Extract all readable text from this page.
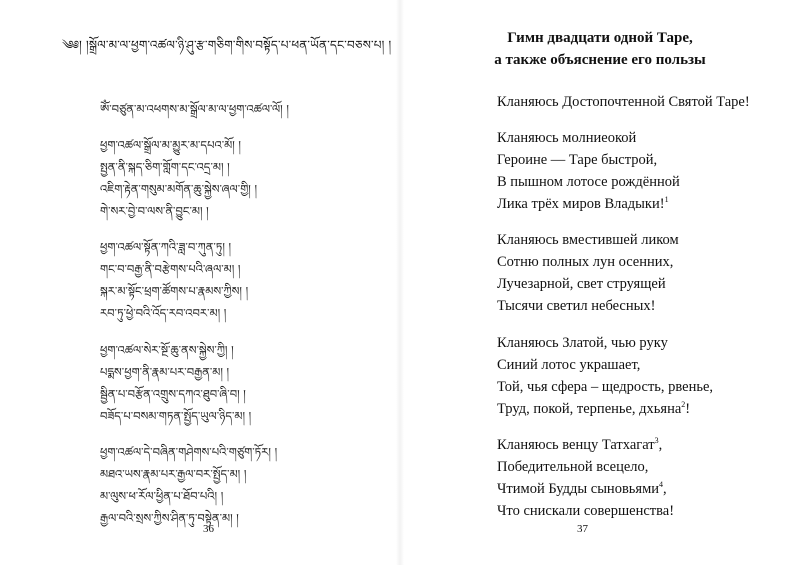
༄༅། །སྒྲོལ་མ་ལ་ཕྱག་འཚལ་ཉི་ཤུ་རྩ་གཅིག་གིས་བསྟོད་པ་ཕན་ཡོན་དང་བཅས་པ། །
ཨོཾ་བཙུན་མ་འཕགས་མ་སྒྲོལ་མ་ལ་ཕྱག་འཚལ་ལོ། །
ཕྱག་འཚལ་སྒྲོལ་མ་མྱུར་མ་དཔའ་མོ། །
སྤྱན་ནི་སྐད་ཅིག་གློག་དང་འདྲ་མ། །
འཇིག་རྟེན་གསུམ་མགོན་ཆུ་སྐྱེས་ཞལ་གྱི། །
གེ་སར་བྱེ་བ་ལས་ནི་བྱུང་མ། །
ཕྱག་འཚལ་སྟོན་ཀའི་ཟླ་བ་ཀུན་ཏུ། །
གང་བ་བརྒྱ་ནི་བརྩེགས་པའི་ཞལ་མ། །
སྐར་མ་སྟོང་ཕྲག་ཚོགས་པ་རྣམས་ཀྱིས། །
རབ་ཏུ་ཕྱེ་བའི་འོད་རབ་འབར་མ། །
ཕྱག་འཚལ་སེར་སྔོ་ཆུ་ནས་སྐྱེས་ཀྱི། །
པདྨས་ཕྱག་ནི་རྣམ་པར་བརྒྱན་མ། །
སྦྱིན་པ་བརྩོན་འགྲུས་དཀའ་ཐུབ་ཞི་བ། །
བཟོད་པ་བསམ་གཏན་སྤྱོད་ཡུལ་ཉིད་མ། །
ཕྱག་འཚལ་དེ་བཞིན་གཤེགས་པའི་གཙུག་ཏོར། །
མཐའ་ཡས་རྣམ་པར་རྒྱལ་བར་སྤྱོད་མ། །
མ་ལུས་ཕ་རོལ་ཕྱིན་པ་ཐོབ་པའི། །
རྒྱལ་བའི་སྲས་ཀྱིས་ཤིན་ཏུ་བསྟེན་མ། །
36
Гимн двадцати одной Таре,
а также объяснение его пользы
Кланяюсь Достопочтенной Святой Таре!
Кланяюсь молниеокой
Героине — Таре быстрой,
В пышном лотосе рождённой
Лика трёх миров Владыки!$^1$
Кланяюсь вместившей ликом
Сотню полных лун осенних,
Лучезарной, свет струящей
Тысячи светил небесных!
Кланяюсь Златой, чью руку
Синий лотос украшает,
Той, чья сфера – щедрость, рвенье,
Труд, покой, терпенье, дхьяна$^2$!
Кланяюсь венцу Татхагат$^3$,
Победительной всецело,
Чтимой Будды сыновьями$^4$,
Что снискали совершенства!
37
